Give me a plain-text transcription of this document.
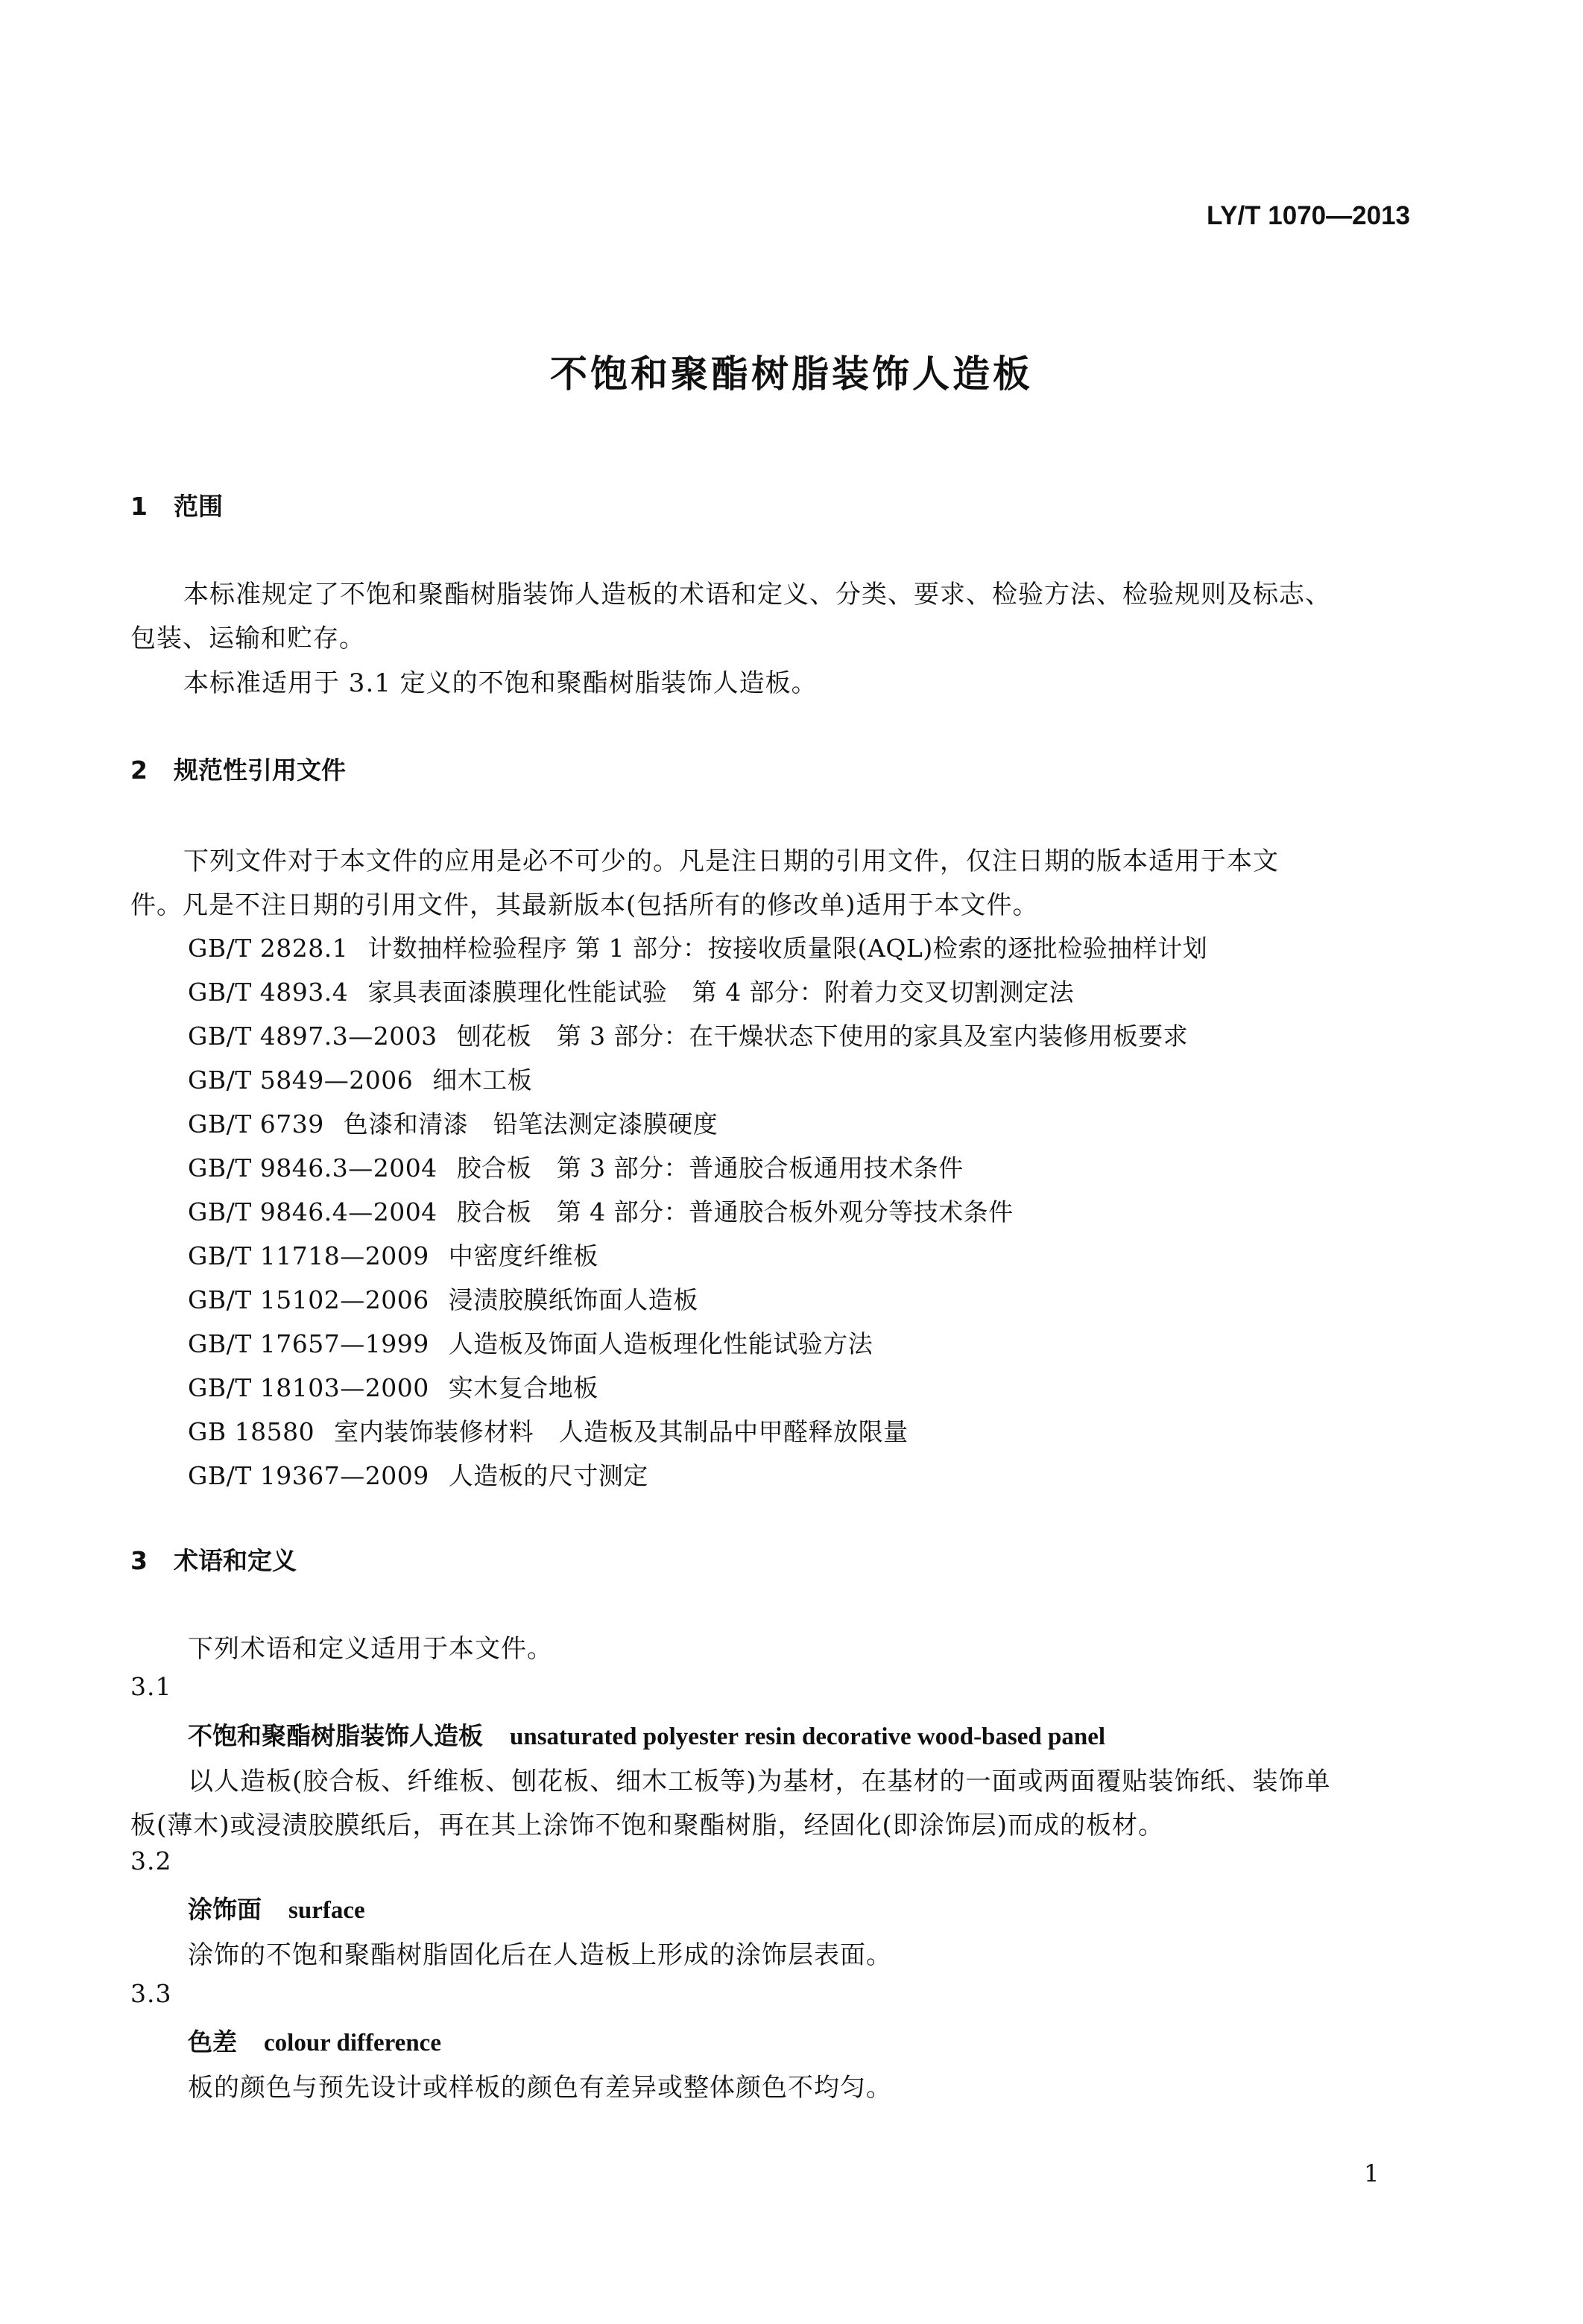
LY/T 1070—2013
不饱和聚酯树脂装饰人造板
1 范围
本标准规定了不饱和聚酯树脂装饰人造板的术语和定义、分类、要求、检验方法、检验规则及标志、
包装、运输和贮存。
本标准适用于 3.1 定义的不饱和聚酯树脂装饰人造板。
2 规范性引用文件
下列文件对于本文件的应用是必不可少的。凡是注日期的引用文件，仅注日期的版本适用于本文
件。凡是不注日期的引用文件，其最新版本(包括所有的修改单)适用于本文件。
GB/T 2828.1 计数抽样检验程序 第 1 部分：按接收质量限(AQL)检索的逐批检验抽样计划
GB/T 4893.4 家具表面漆膜理化性能试验　第 4 部分：附着力交叉切割测定法
GB/T 4897.3—2003 刨花板　第 3 部分：在干燥状态下使用的家具及室内装修用板要求
GB/T 5849—2006 细木工板
GB/T 6739 色漆和清漆　铅笔法测定漆膜硬度
GB/T 9846.3—2004 胶合板　第 3 部分：普通胶合板通用技术条件
GB/T 9846.4—2004 胶合板　第 4 部分：普通胶合板外观分等技术条件
GB/T 11718—2009 中密度纤维板
GB/T 15102—2006 浸渍胶膜纸饰面人造板
GB/T 17657—1999 人造板及饰面人造板理化性能试验方法
GB/T 18103—2000 实木复合地板
GB 18580 室内装饰装修材料　人造板及其制品中甲醛释放限量
GB/T 19367—2009 人造板的尺寸测定
3 术语和定义
下列术语和定义适用于本文件。
3.1
不饱和聚酯树脂装饰人造板 unsaturated polyester resin decorative wood-based panel
以人造板(胶合板、纤维板、刨花板、细木工板等)为基材，在基材的一面或两面覆贴装饰纸、装饰单
板(薄木)或浸渍胶膜纸后，再在其上涂饰不饱和聚酯树脂，经固化(即涂饰层)而成的板材。
3.2
涂饰面 surface
涂饰的不饱和聚酯树脂固化后在人造板上形成的涂饰层表面。
3.3
色差 colour difference
板的颜色与预先设计或样板的颜色有差异或整体颜色不均匀。
1
